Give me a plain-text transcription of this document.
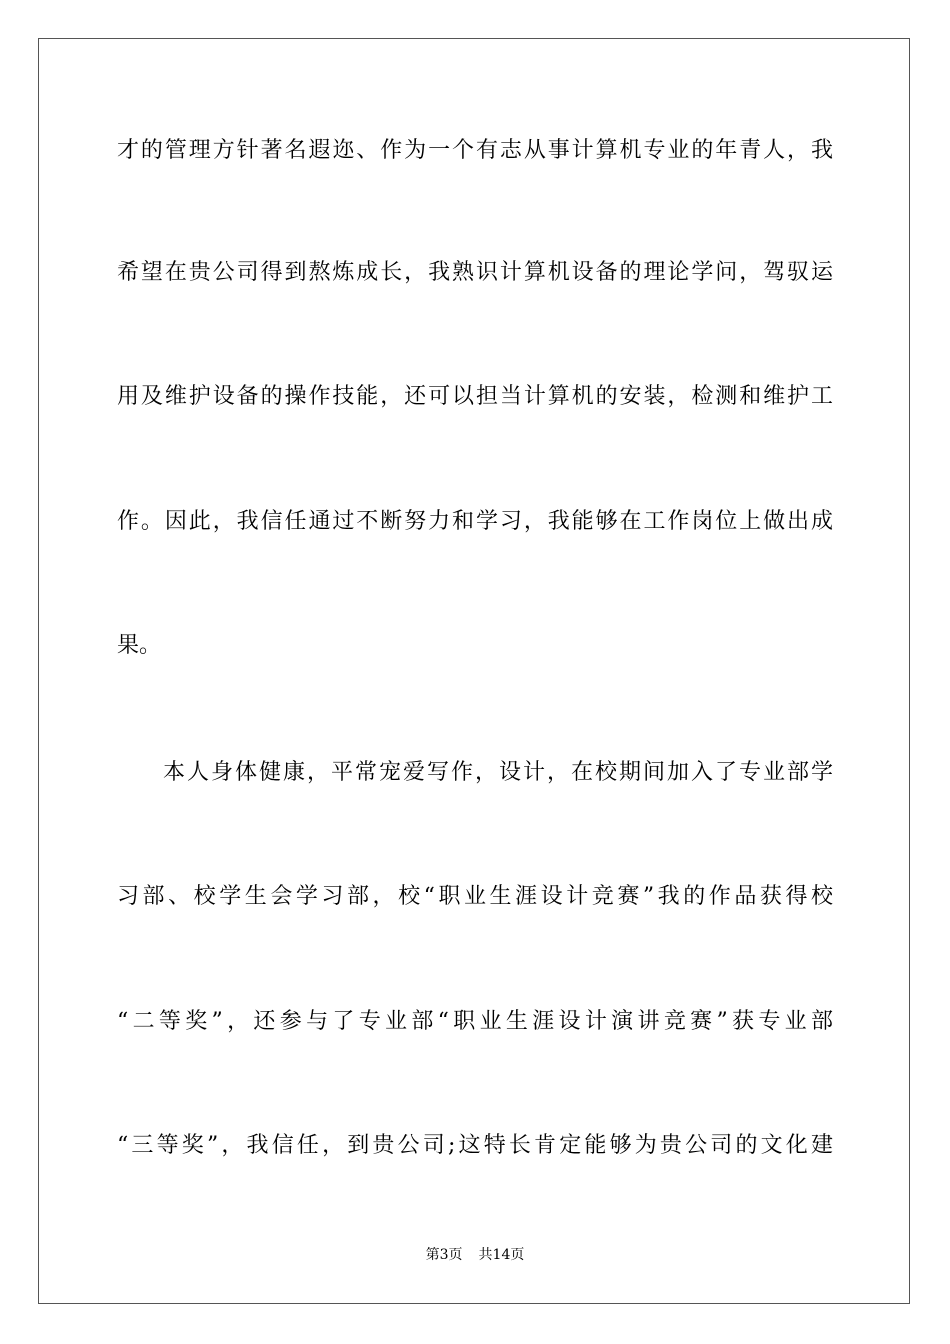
才的管理方针著名遐迩、作为一个有志从事计算机专业的年青人，我
希望在贵公司得到熬炼成长，我熟识计算机设备的理论学问，驾驭运
用及维护设备的操作技能，还可以担当计算机的安装，检测和维护工
作。因此，我信任通过不断努力和学习，我能够在工作岗位上做出成
果。
本人身体健康，平常宠爱写作，设计，在校期间加入了专业部学
习部、校学生会学习部，校“职业生涯设计竞赛”我的作品获得校
“二等奖”，还参与了专业部“职业生涯设计演讲竞赛”获专业部
“三等奖”，我信任，到贵公司;这特长肯定能够为贵公司的文化建
第3页 共14页
